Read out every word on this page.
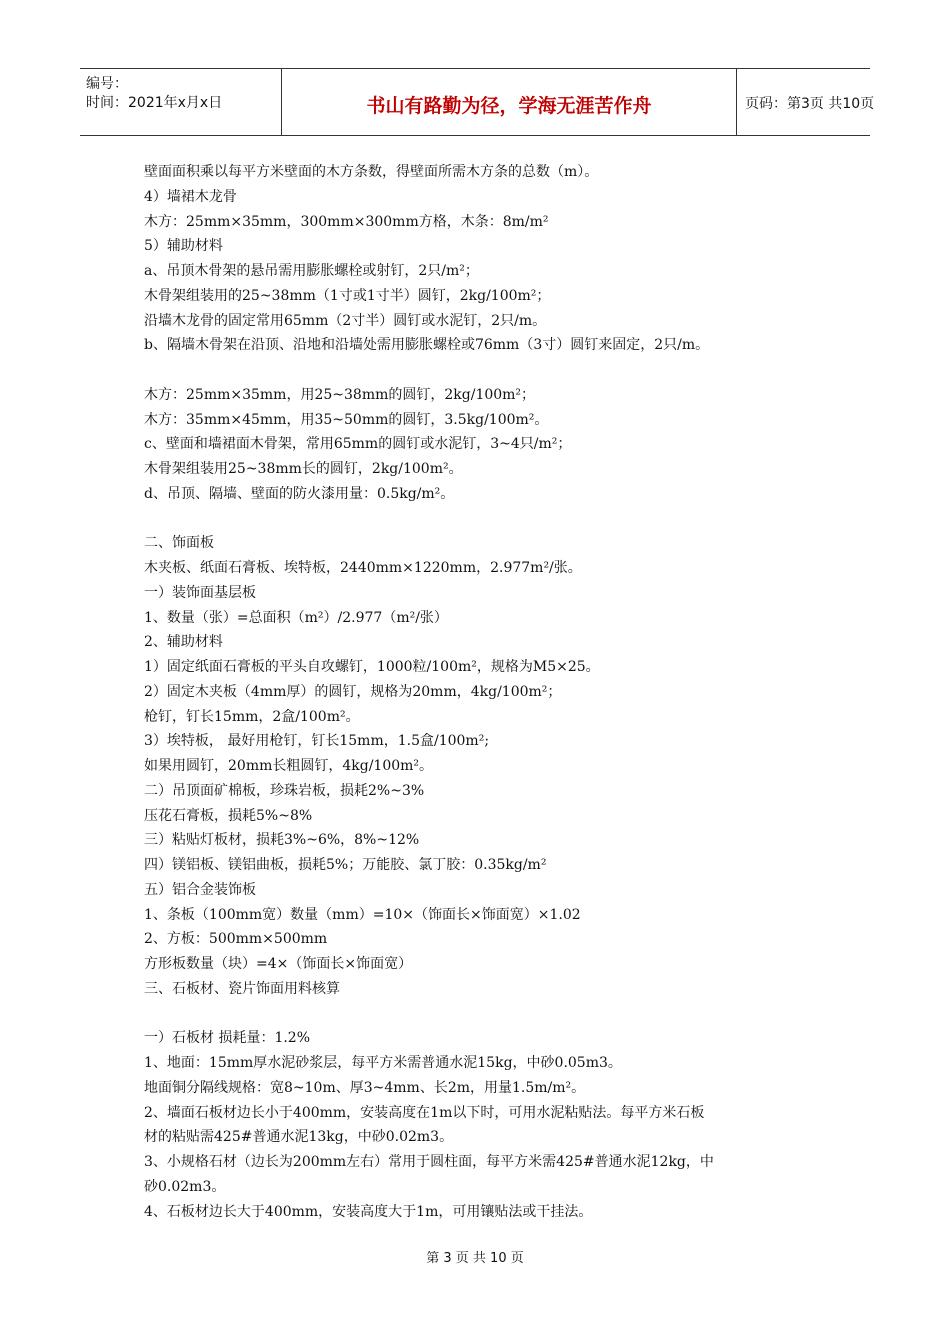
编号：
时间：2021年x月x日	书山有路勤为径，学海无涯苦作舟	页码：第3页 共10页
壁面面积乘以每平方米壁面的木方条数，得壁面所需木方条的总数（m）。
4）墙裙木龙骨
木方：25mm×35mm，300mm×300mm方格，木条：8m/m²
5）辅助材料
a、吊顶木骨架的悬吊需用膨胀螺栓或射钉，2只/m²；
木骨架组装用的25~38mm（1寸或1寸半）圆钉，2kg/100m²；
沿墙木龙骨的固定常用65mm（2寸半）圆钉或水泥钉，2只/m。
b、隔墙木骨架在沿顶、沿地和沿墙处需用膨胀螺栓或76mm（3寸）圆钉来固定，2只/m。
木方：25mm×35mm，用25~38mm的圆钉，2kg/100m²；
木方：35mm×45mm，用35~50mm的圆钉，3.5kg/100m²。
c、壁面和墙裙面木骨架，常用65mm的圆钉或水泥钉，3~4只/m²；
木骨架组装用25~38mm长的圆钉，2kg/100m²。
d、吊顶、隔墙、壁面的防火漆用量：0.5kg/m²。
二、饰面板
木夹板、纸面石膏板、埃特板，2440mm×1220mm，2.977m²/张。
一）装饰面基层板
1、数量（张）=总面积（m²）/2.977（m²/张）
2、辅助材料
1）固定纸面石膏板的平头自攻螺钉，1000粒/100m²，规格为M5×25。
2）固定木夹板（4mm厚）的圆钉，规格为20mm，4kg/100m²；
枪钉，钉长15mm，2盒/100m²。
3）埃特板， 最好用枪钉，钉长15mm，1.5盒/100m²;
如果用圆钉，20mm长粗圆钉，4kg/100m²。
二）吊顶面矿棉板，珍珠岩板，损耗2%~3%
压花石膏板，损耗5%~8%
三）粘贴灯板材，损耗3%~6%，8%~12%
四）镁铝板、镁铝曲板，损耗5%；万能胶、氯丁胶：0.35kg/m²
五）铝合金装饰板
1、条板（100mm宽）数量（mm）=10×（饰面长×饰面宽）×1.02
2、方板：500mm×500mm
方形板数量（块）=4×（饰面长×饰面宽）
三、石板材、瓷片饰面用料核算
一）石板材 损耗量：1.2%
1、地面：15mm厚水泥砂浆层，每平方米需普通水泥15kg，中砂0.05m3。
地面铜分隔线规格：宽8~10m、厚3~4mm、长2m，用量1.5m/m²。
2、墙面石板材边长小于400mm，安装高度在1m以下时，可用水泥粘贴法。每平方米石板
材的粘贴需425#普通水泥13kg，中砂0.02m3。
3、小规格石材（边长为200mm左右）常用于圆柱面，每平方米需425#普通水泥12kg，中
砂0.02m3。
4、石板材边长大于400mm，安装高度大于1m，可用镶贴法或干挂法。
第 3 页 共 10 页
